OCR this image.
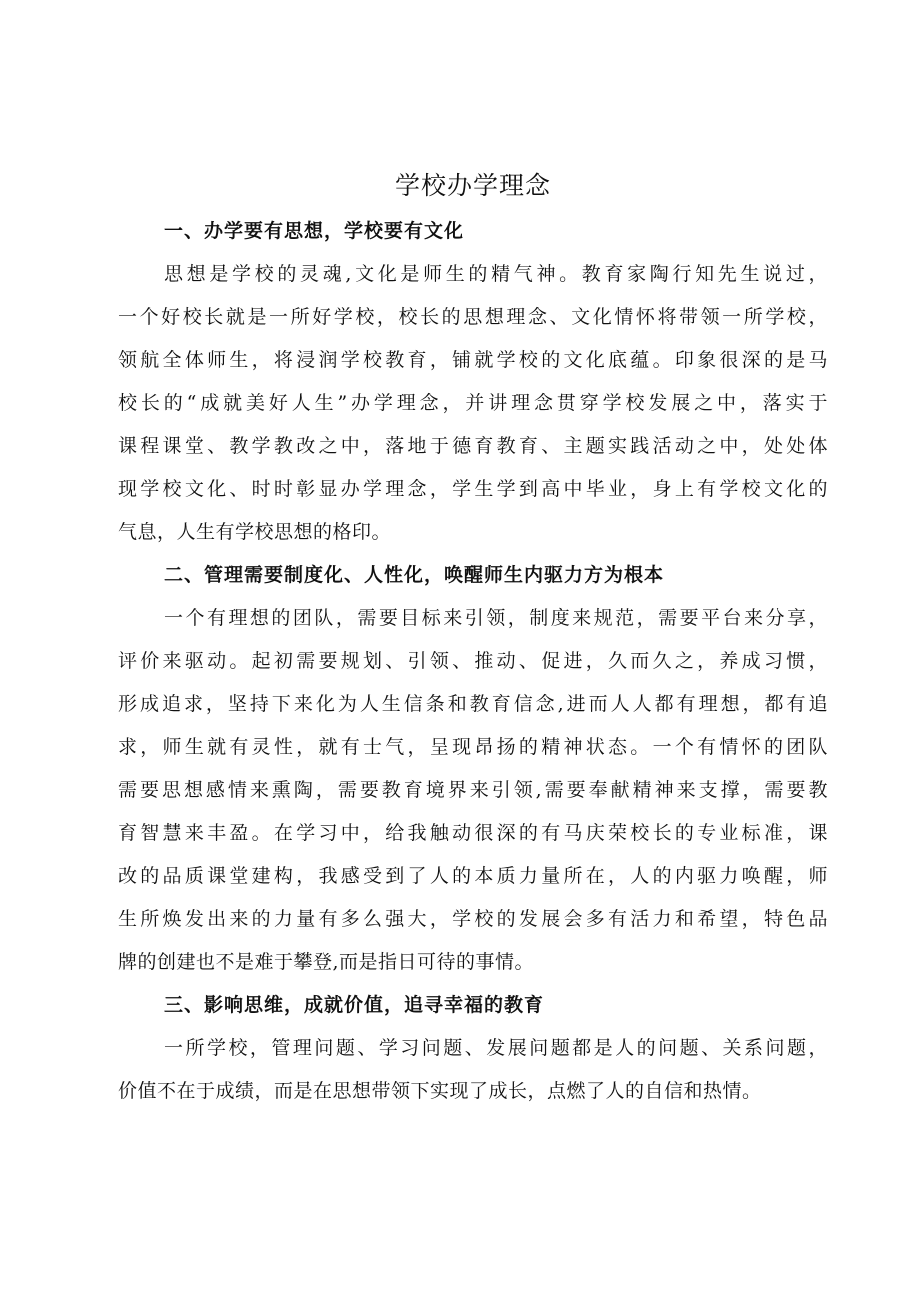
学校办学理念
一、办学要有思想，学校要有文化
思想是学校的灵魂,文化是师生的精气神。教育家陶行知先生说过，
一个好校长就是一所好学校，校长的思想理念、文化情怀将带领一所学校，
领航全体师生，将浸润学校教育，铺就学校的文化底蕴。印象很深的是马
校长的“成就美好人生”办学理念，并讲理念贯穿学校发展之中，落实于
课程课堂、教学教改之中，落地于德育教育、主题实践活动之中，处处体
现学校文化、时时彰显办学理念，学生学到高中毕业，身上有学校文化的
气息，人生有学校思想的格印。
二、管理需要制度化、人性化，唤醒师生内驱力方为根本
一个有理想的团队，需要目标来引领，制度来规范，需要平台来分享，
评价来驱动。起初需要规划、引领、推动、促进，久而久之，养成习惯，
形成追求，坚持下来化为人生信条和教育信念,进而人人都有理想，都有追
求，师生就有灵性，就有士气，呈现昂扬的精神状态。一个有情怀的团队
需要思想感情来熏陶，需要教育境界来引领,需要奉献精神来支撑，需要教
育智慧来丰盈。在学习中，给我触动很深的有马庆荣校长的专业标准，课
改的品质课堂建构，我感受到了人的本质力量所在，人的内驱力唤醒，师
生所焕发出来的力量有多么强大，学校的发展会多有活力和希望，特色品
牌的创建也不是难于攀登,而是指日可待的事情。
三、影响思维，成就价值，追寻幸福的教育
一所学校，管理问题、学习问题、发展问题都是人的问题、关系问题，
价值不在于成绩，而是在思想带领下实现了成长，点燃了人的自信和热情。
